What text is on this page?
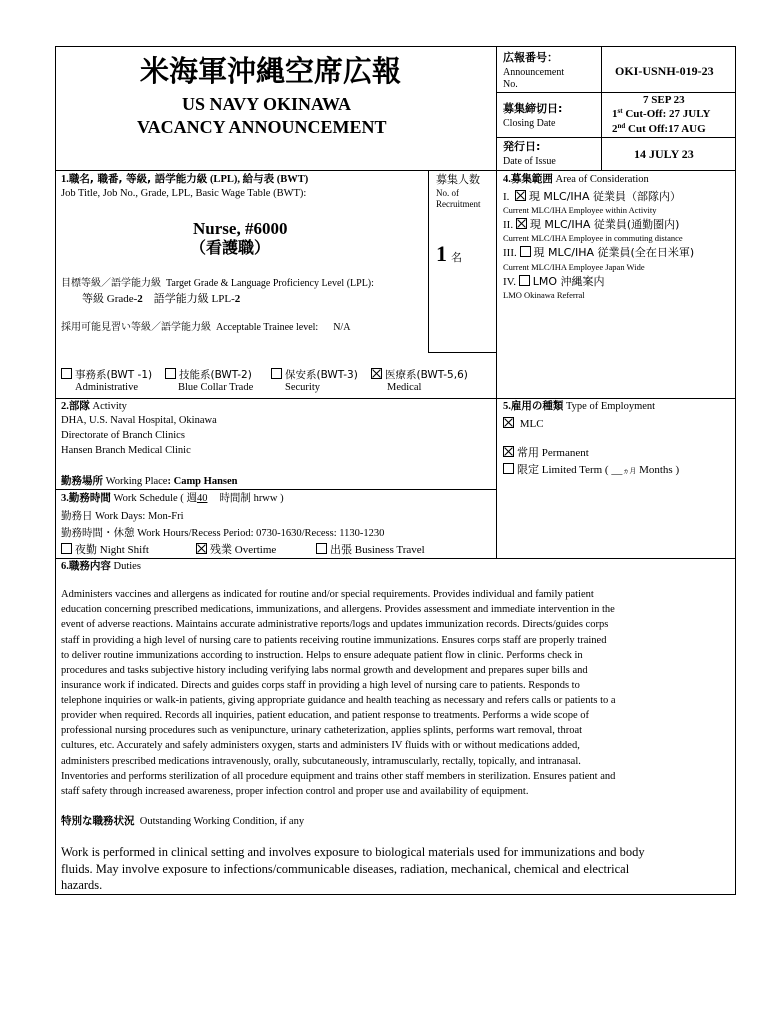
米海軍沖縄空席広報
US NAVY OKINAWA
VACANCY ANNOUNCEMENT
広報番号：
Announcement
No.
OKI-USNH-019-23
募集締切日:
Closing Date
7 SEP 23
1st Cut-Off: 27 JULY
2nd Cut Off:17 AUG
発行日:
Date of Issue
14 JULY 23
1.職名, 職番, 等級, 語学能力級 (LPL), 給与表 (BWT)
Job Title, Job No., Grade, LPL, Basic Wage Table (BWT):
Nurse, #6000
（看護職）
目標等級／語学能力級 Target Grade & Language Proficiency Level (LPL):
等級 Grade-2 語学能力級 LPL-2
採用可能見習い等級／語学能力級 Acceptable Trainee level: N/A
募集人数
No. of
Recruitment
1 名
事務系(BWT -1)
Administrative
技能系(BWT-2)
Blue Collar Trade
保安系(BWT-3)
Security
医療系(BWT-5,6)
Medical
4.募集範囲 Area of Consideration
I. 現 MLC/IHA 従業員（部隊内）
Current MLC/IHA Employee within Activity
II. 現 MLC/IHA 従業員(通勤圏内)
Current MLC/IHA Employee in commuting distance
III. 現 MLC/IHA 従業員(全在日米軍)
Current MLC/IHA Employee Japan Wide
IV. LMO 沖縄案内
LMO Okinawa Referral
2.部隊 Activity
DHA, U.S. Naval Hospital, Okinawa
Directorate of Branch Clinics
Hansen Branch Medical Clinic
勤務場所 Working Place: Camp Hansen
5.雇用の種類 Type of Employment
MLC
常用 Permanent
限定 Limited Term ( __ヵ月 Months )
3.勤務時間 Work Schedule ( 週40 時間制 hrww )
勤務日 Work Days: Mon-Fri
勤務時間・休憩 Work Hours/Recess Period: 0730-1630/Recess: 1130-1230
夜勤 Night Shift	残業 Overtime	出張 Business Travel
6.職務内容 Duties
Administers vaccines and allergens as indicated for routine and/or special requirements. Provides individual and family patient
education concerning prescribed medications, immunizations, and allergens. Provides assessment and immediate intervention in the
event of adverse reactions. Maintains accurate administrative reports/logs and updates immunization records. Directs/guides corps
staff in providing a high level of nursing care to patients receiving routine immunizations. Ensures corps staff are properly trained
to deliver routine immunizations according to instruction. Helps to ensure adequate patient flow in clinic. Performs check in
procedures and tasks subjective history including verifying labs normal growth and development and prepares super bills and
insurance work if indicated. Directs and guides corps staff in providing a high level of nursing care to patients. Responds to
telephone inquiries or walk-in patients, giving appropriate guidance and health teaching as necessary and refers calls or patients to a
provider when required. Records all inquiries, patient education, and patient response to treatments. Performs a wide scope of
professional nursing procedures such as venipuncture, urinary catheterization, applies splints, performs wart removal, throat
cultures, etc. Accurately and safely administers oxygen, starts and administers IV fluids with or without medications added,
administers prescribed medications intravenously, orally, subcutaneously, intramuscularly, rectally, topically, and intranasal.
Inventories and performs sterilization of all procedure equipment and trains other staff members in sterilization. Ensures patient and
staff safety through increased awareness, proper infection control and proper use and availability of equipment.
特別な職務状況 Outstanding Working Condition, if any
Work is performed in clinical setting and involves exposure to biological materials used for immunizations and body
fluids. May involve exposure to infections/communicable diseases, radiation, mechanical, chemical and electrical
hazards.
